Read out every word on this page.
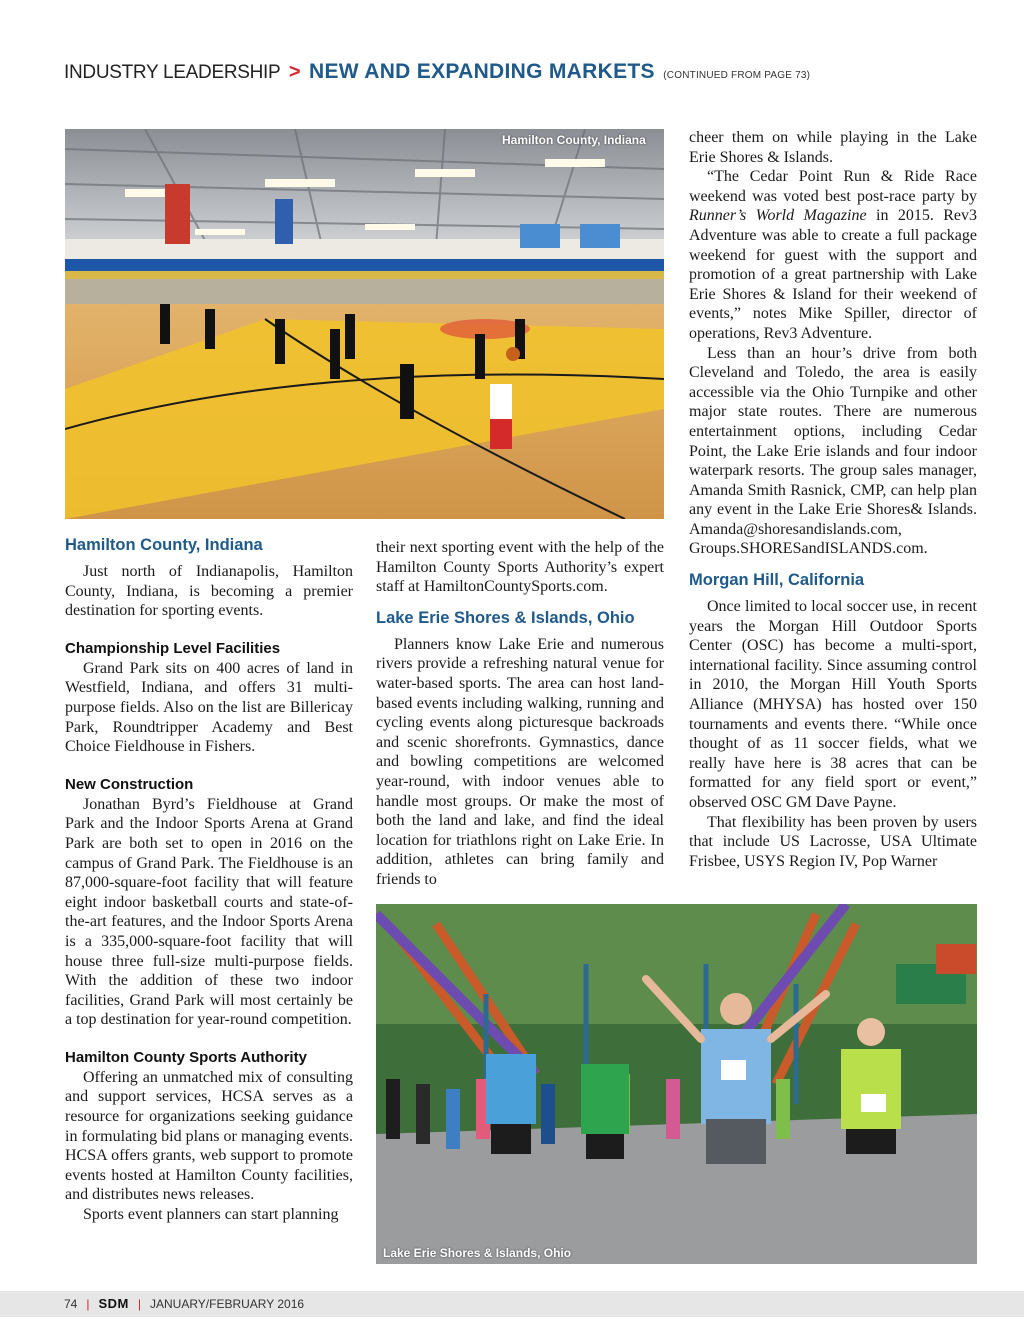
INDUSTRY LEADERSHIP > NEW AND EXPANDING MARKETS (CONTINUED FROM PAGE 73)
Hamilton County, Indiana
Hamilton County, Indiana

Just north of Indianapolis, Hamilton County, Indiana, is becoming a premier destination for sporting events.

Championship Level Facilities

Grand Park sits on 400 acres of land in Westfield, Indiana, and offers 31 multi-purpose fields. Also on the list are Billericay Park, Roundtripper Academy and Best Choice Fieldhouse in Fishers.

New Construction

Jonathan Byrd’s Fieldhouse at Grand Park and the Indoor Sports Arena at Grand Park are both set to open in 2016 on the campus of Grand Park. The Fieldhouse is an 87,000-square-foot facility that will feature eight indoor basketball courts and state-of-the-art features, and the Indoor Sports Arena is a 335,000-square-foot facility that will house three full-size multi-purpose fields. With the addition of these two indoor facilities, Grand Park will most certainly be a top destination for year-round competition.

Hamilton County Sports Authority

Offering an unmatched mix of consulting and support services, HCSA serves as a resource for organizations seeking guidance in formulating bid plans or managing events. HCSA offers grants, web support to promote events hosted at Hamilton County facilities, and distributes news releases.

Sports event planners can start planning

their next sporting event with the help of the Hamilton County Sports Authority’s expert staff at HamiltonCountySports.com.

Lake Erie Shores & Islands, Ohio

Planners know Lake Erie and numerous rivers provide a refreshing natural venue for water-based sports. The area can host land-based events including walking, running and cycling events along picturesque backroads and scenic shorefronts. Gymnastics, dance and bowling competitions are welcomed year-round, with indoor venues able to handle most groups. Or make the most of both the land and lake, and find the ideal location for triathlons right on Lake Erie. In addition, athletes can bring family and friends to

cheer them on while playing in the Lake Erie Shores & Islands.

“The Cedar Point Run & Ride Race weekend was voted best post-race party by Runner’s World Magazine in 2015. Rev3 Adventure was able to create a full package weekend for guest with the support and promotion of a great partnership with Lake Erie Shores & Island for their weekend of events,” notes Mike Spiller, director of operations, Rev3 Adventure.

Less than an hour’s drive from both Cleveland and Toledo, the area is easily accessible via the Ohio Turnpike and other major state routes. There are numerous entertainment options, including Cedar Point, the Lake Erie islands and four indoor waterpark resorts. The group sales manager, Amanda Smith Rasnick, CMP, can help plan any event in the Lake Erie Shores& Islands. Amanda@shoresandislands.com, Groups.SHORESandISLANDS.com.

Morgan Hill, California

Once limited to local soccer use, in recent years the Morgan Hill Outdoor Sports Center (OSC) has become a multi-sport, international facility. Since assuming control in 2010, the Morgan Hill Youth Sports Alliance (MHYSA) has hosted over 150 tournaments and events there. “While once thought of as 11 soccer fields, what we really have here is 38 acres that can be formatted for any field sport or event,” observed OSC GM Dave Payne.

That flexibility has been proven by users that include US Lacrosse, USA Ultimate Frisbee, USYS Region IV, Pop Warner

Lake Erie Shores & Islands, Ohio
74 | SDM | JANUARY/FEBRUARY 2016
